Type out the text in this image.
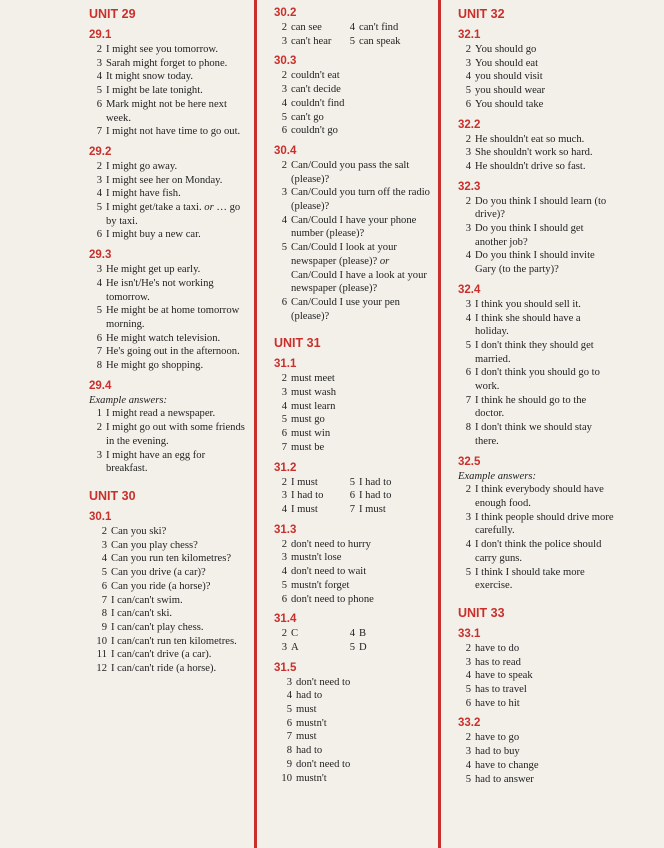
UNIT 29
29.1
2 I might see you tomorrow.
3 Sarah might forget to phone.
4 It might snow today.
5 I might be late tonight.
6 Mark might not be here next week.
7 I might not have time to go out.
29.2
2 I might go away.
3 I might see her on Monday.
4 I might have fish.
5 I might get/take a taxi. or … go by taxi.
6 I might buy a new car.
29.3
3 He might get up early.
4 He isn't/He's not working tomorrow.
5 He might be at home tomorrow morning.
6 He might watch television.
7 He's going out in the afternoon.
8 He might go shopping.
29.4
Example answers:
1 I might read a newspaper.
2 I might go out with some friends in the evening.
3 I might have an egg for breakfast.
UNIT 30
30.1
2 Can you ski?
3 Can you play chess?
4 Can you run ten kilometres?
5 Can you drive (a car)?
6 Can you ride (a horse)?
7 I can/can't swim.
8 I can/can't ski.
9 I can/can't play chess.
10 I can/can't run ten kilometres.
11 I can/can't drive (a car).
12 I can/can't ride (a horse).
30.2
2 can see	4 can't find
3 can't hear	5 can speak
30.3
2 couldn't eat
3 can't decide
4 couldn't find
5 can't go
6 couldn't go
30.4
2 Can/Could you pass the salt (please)?
3 Can/Could you turn off the radio (please)?
4 Can/Could I have your phone number (please)?
5 Can/Could I look at your newspaper (please)? or Can/Could I have a look at your newspaper (please)?
6 Can/Could I use your pen (please)?
UNIT 31
31.1
2 must meet
3 must wash
4 must learn
5 must go
6 must win
7 must be
31.2
2 I must	5 I had to
3 I had to	6 I had to
4 I must	7 I must
31.3
2 don't need to hurry
3 mustn't lose
4 don't need to wait
5 mustn't forget
6 don't need to phone
31.4
2 C	4 B
3 A	5 D
31.5
3 don't need to
4 had to
5 must
6 mustn't
7 must
8 had to
9 don't need to
10 mustn't
UNIT 32
32.1
2 You should go
3 You should eat
4 you should visit
5 you should wear
6 You should take
32.2
2 He shouldn't eat so much.
3 She shouldn't work so hard.
4 He shouldn't drive so fast.
32.3
2 Do you think I should learn (to drive)?
3 Do you think I should get another job?
4 Do you think I should invite Gary (to the party)?
32.4
3 I think you should sell it.
4 I think she should have a holiday.
5 I don't think they should get married.
6 I don't think you should go to work.
7 I think he should go to the doctor.
8 I don't think we should stay there.
32.5
Example answers:
2 I think everybody should have enough food.
3 I think people should drive more carefully.
4 I don't think the police should carry guns.
5 I think I should take more exercise.
UNIT 33
33.1
2 have to do
3 has to read
4 have to speak
5 has to travel
6 have to hit
33.2
2 have to go
3 had to buy
4 have to change
5 had to answer
